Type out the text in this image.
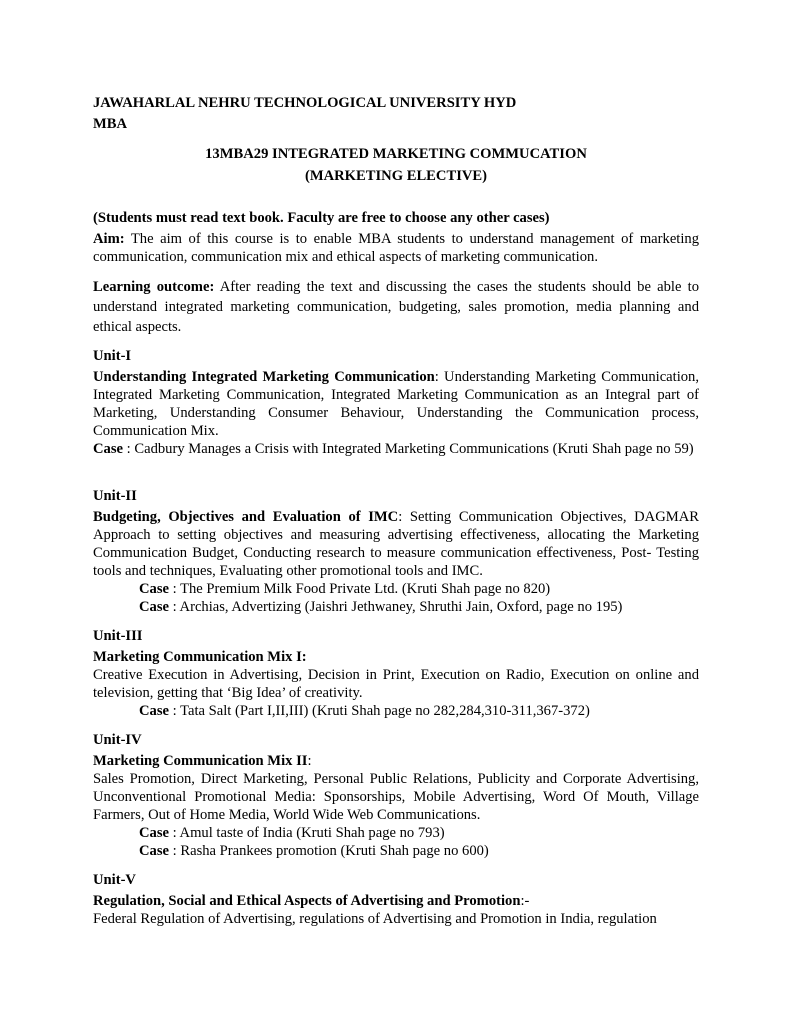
JAWAHARLAL NEHRU TECHNOLOGICAL UNIVERSITY HYD
MBA
13MBA29 INTEGRATED MARKETING COMMUCATION
(MARKETING ELECTIVE)
(Students must read text book. Faculty are free to choose any other cases)
Aim: The aim of this course is to enable MBA students to understand management of marketing communication, communication mix and ethical aspects of marketing communication.
Learning outcome: After reading the text and discussing the cases the students should be able to understand integrated marketing communication, budgeting, sales promotion, media planning and ethical aspects.
Unit-I
Understanding Integrated Marketing Communication: Understanding Marketing Communication, Integrated Marketing Communication, Integrated Marketing Communication as an Integral part of Marketing, Understanding Consumer Behaviour, Understanding the Communication process, Communication Mix.
Case : Cadbury Manages a Crisis with Integrated Marketing Communications (Kruti Shah page no 59)
Unit-II
Budgeting, Objectives and Evaluation of IMC: Setting Communication Objectives, DAGMAR Approach to setting objectives and measuring advertising effectiveness, allocating the Marketing Communication Budget, Conducting research to measure communication effectiveness, Post- Testing tools and techniques, Evaluating other promotional tools and IMC.
Case : The Premium Milk Food Private Ltd. (Kruti Shah page no 820)
Case : Archias, Advertizing (Jaishri Jethwaney, Shruthi Jain, Oxford, page no 195)
Unit-III
Marketing Communication Mix I:
Creative Execution in Advertising, Decision in Print, Execution on Radio, Execution on online and television, getting that ‘Big Idea’ of creativity.
Case : Tata Salt (Part I,II,III) (Kruti Shah page no 282,284,310-311,367-372)
Unit-IV
Marketing Communication Mix II:
Sales Promotion, Direct Marketing, Personal Public Relations, Publicity and Corporate Advertising, Unconventional Promotional Media: Sponsorships, Mobile Advertising, Word Of Mouth, Village Farmers, Out of Home Media, World Wide Web Communications.
Case : Amul taste of India (Kruti Shah page no 793)
Case : Rasha Prankees promotion (Kruti Shah page no 600)
Unit-V
Regulation, Social and Ethical Aspects of Advertising and Promotion:-
Federal Regulation of Advertising, regulations of Advertising and Promotion in India, regulation
